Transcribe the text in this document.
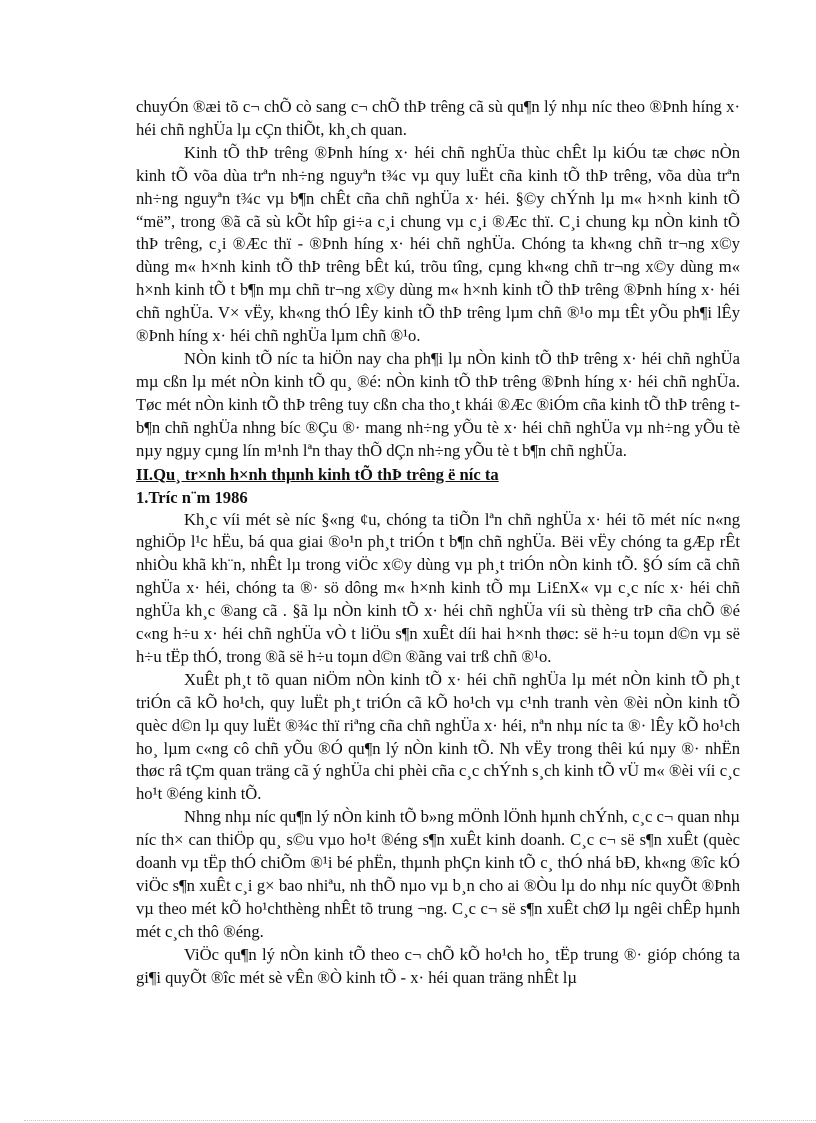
chuyÓn ®æi tõ c¬ chÕ cò sang c¬ chÕ thÞ trêng cã sù qu¶n lý nhµ níc theo ®Þnh híng x· héi chñ nghÜa lµ cÇn thiÕt, kh¸ch quan.

Kinh tÕ thÞ trêng ®Þnh híng x· héi chñ nghÜa thùc chÊt lµ kiÓu tæ chøc nÒn kinh tÕ võa dùa trªn nh÷ng nguyªn t¾c vµ quy luËt cña kinh tÕ thÞ trêng, võa dùa trªn nh÷ng nguyªn t¾c vµ b¶n chÊt cña chñ nghÜa x· héi. §©y chÝnh lµ m« h×nh kinh tÕ “më”, trong ®ã cã sù kÕt hîp gi÷a c¸i chung vµ c¸i ®Æc thï. C¸i chung kµ nÒn kinh tÕ thÞ trêng, c¸i ®Æc thï - ®Þnh híng x· héi chñ nghÜa. Chóng ta kh«ng chñ tr¬ng x©y dùng m« h×nh kinh tÕ thÞ trêng bÊt kú, trõu tîng, cµng kh«ng chñ tr¬ng x©y dùng m« h×nh kinh tÕ t b¶n mµ chñ tr¬ng x©y dùng m« h×nh kinh tÕ thÞ trêng ®Þnh híng x· héi chñ nghÜa. V× vËy, kh«ng thÓ lÊy kinh tÕ thÞ trêng lµm chñ ®¹o mµ tÊt yÕu ph¶i lÊy ®Þnh híng x· héi chñ nghÜa lµm chñ ®¹o.

NÒn kinh tÕ níc ta hiÖn nay cha ph¶i lµ nÒn kinh tÕ thÞ trêng x· héi chñ nghÜa mµ cßn lµ mét nÒn kinh tÕ qu¸ ®é: nÒn kinh tÕ thÞ trêng ®Þnh híng x· héi chñ nghÜa. Tøc mét nÒn kinh tÕ thÞ trêng tuy cßn cha tho¸t khái ®Æc ®iÓm cña kinh tÕ thÞ trêng t b¶n chñ nghÜa nhng bíc ®Çu ®· mang nh÷ng yÕu tè x· héi chñ nghÜa vµ nh÷ng yÕu tè nµy ngµy cµng lín m¹nh lªn thay thÕ dÇn nh÷ng yÕu tè t b¶n chñ nghÜa.

II.Qu¸ tr×nh h×nh thµnh kinh tÕ thÞ trêng ë níc ta

1.Tríc n¨m 1986

Kh¸c víi mét sè níc §«ng ¢u, chóng ta tiÕn lªn chñ nghÜa x· héi tõ mét níc n«ng nghiÖp l¹c hËu, bá qua giai ®o¹n ph¸t triÓn t b¶n chñ nghÜa. Bëi vËy chóng ta gÆp rÊt nhiÒu khã kh¨n, nhÊt lµ trong viÖc x©y dùng vµ ph¸t triÓn nÒn kinh tÕ. §Ó sím cã chñ nghÜa x· héi, chóng ta ®· sö dông m« h×nh kinh tÕ mµ Li£nX« vµ c¸c níc x· héi chñ nghÜa kh¸c ®ang cã . §ã lµ nÒn kinh tÕ x· héi chñ nghÜa víi sù thèng trÞ cña chÕ ®é c«ng h÷u x· héi chñ nghÜa vÒ t liÖu s¶n xuÊt díi hai h×nh thøc: së h÷u toµn d©n vµ së h÷u tËp thÓ, trong ®ã së h÷u toµn d©n ®ãng vai trß chñ ®¹o.

XuÊt ph¸t tõ quan niÖm nÒn kinh tÕ x· héi chñ nghÜa lµ mét nÒn kinh tÕ ph¸t triÓn cã kÕ ho¹ch, quy luËt ph¸t triÓn cã kÕ ho¹ch vµ c¹nh tranh vèn ®èi nÒn kinh tÕ quèc d©n lµ quy luËt ®¾c thï riªng cña chñ nghÜa x· héi, nªn nhµ níc ta ®· lÊy kÕ ho¹ch ho¸ lµm c«ng cô chñ yÕu ®Ó qu¶n lý nÒn kinh tÕ. Nh vËy trong thêi kú nµy ®· nhËn thøc râ tÇm quan träng cã ý nghÜa chi phèi cña c¸c chÝnh s¸ch kinh tÕ vÜ m« ®èi víi c¸c ho¹t ®éng kinh tÕ.

Nhng nhµ níc qu¶n lý nÒn kinh tÕ b»ng mÖnh lÖnh hµnh chÝnh, c¸c c¬ quan nhµ níc th× can thiÖp qu¸ s©u vµo ho¹t ®éng s¶n xuÊt kinh doanh. C¸c c¬ së s¶n xuÊt (quèc doanh vµ tËp thÓ chiÕm ®¹i bé phËn, thµnh phÇn kinh tÕ c¸ thÓ nhá bÐ, kh«ng ®îc kÓ viÖc s¶n xuÊt c¸i g× bao nhiªu, nh thÕ nµo vµ b¸n cho ai ®Òu lµ do nhµ níc quyÕt ®Þnh vµ theo mét kÕ ho¹chthèng nhÊt tõ trung ¬ng. C¸c c¬ së s¶n xuÊt chØ lµ ngêi chÊp hµnh mét c¸ch thô ®éng.

ViÖc qu¶n lý nÒn kinh tÕ theo c¬ chÕ kÕ ho¹ch ho¸ tËp trung ®· gióp chóng ta gi¶i quyÕt ®îc mét sè vÊn ®Ò kinh tÕ - x· héi quan träng nhÊt lµ
